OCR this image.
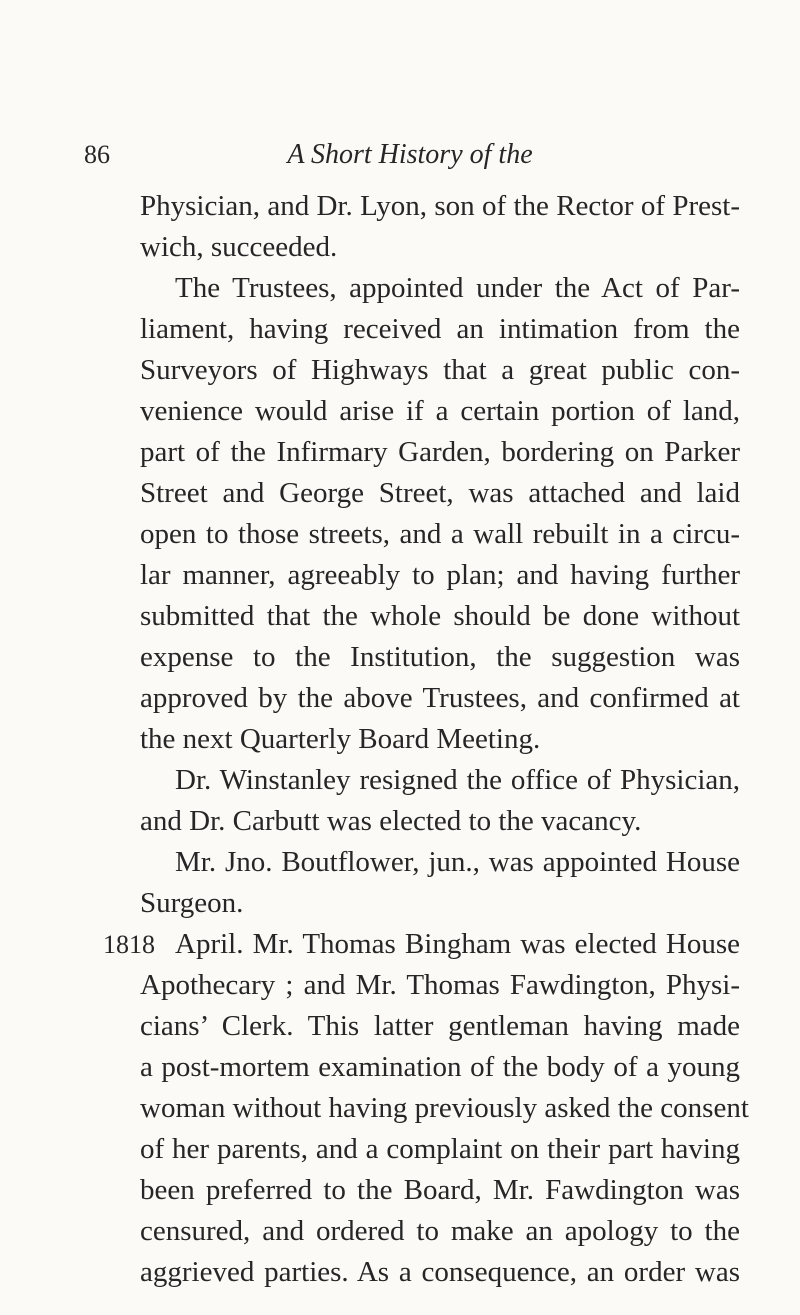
86	A Short History of the
Physician, and Dr. Lyon, son of the Rector of Prest-
wich, succeeded.
The Trustees, appointed under the Act of Par-
liament, having received an intimation from the
Surveyors of Highways that a great public con-
venience would arise if a certain portion of land,
part of the Infirmary Garden, bordering on Parker
Street and George Street, was attached and laid
open to those streets, and a wall rebuilt in a circu-
lar manner, agreeably to plan; and having further
submitted that the whole should be done without
expense to the Institution, the suggestion was
approved by the above Trustees, and confirmed at
the next Quarterly Board Meeting.
Dr. Winstanley resigned the office of Physician,
and Dr. Carbutt was elected to the vacancy.
Mr. Jno. Boutflower, jun., was appointed House
Surgeon.
1818 April. Mr. Thomas Bingham was elected House
Apothecary ; and Mr. Thomas Fawdington, Physi-
cians’ Clerk. This latter gentleman having made
a post-mortem examination of the body of a young
woman without having previously asked the consent
of her parents, and a complaint on their part having
been preferred to the Board, Mr. Fawdington was
censured, and ordered to make an apology to the
aggrieved parties. As a consequence, an order was
